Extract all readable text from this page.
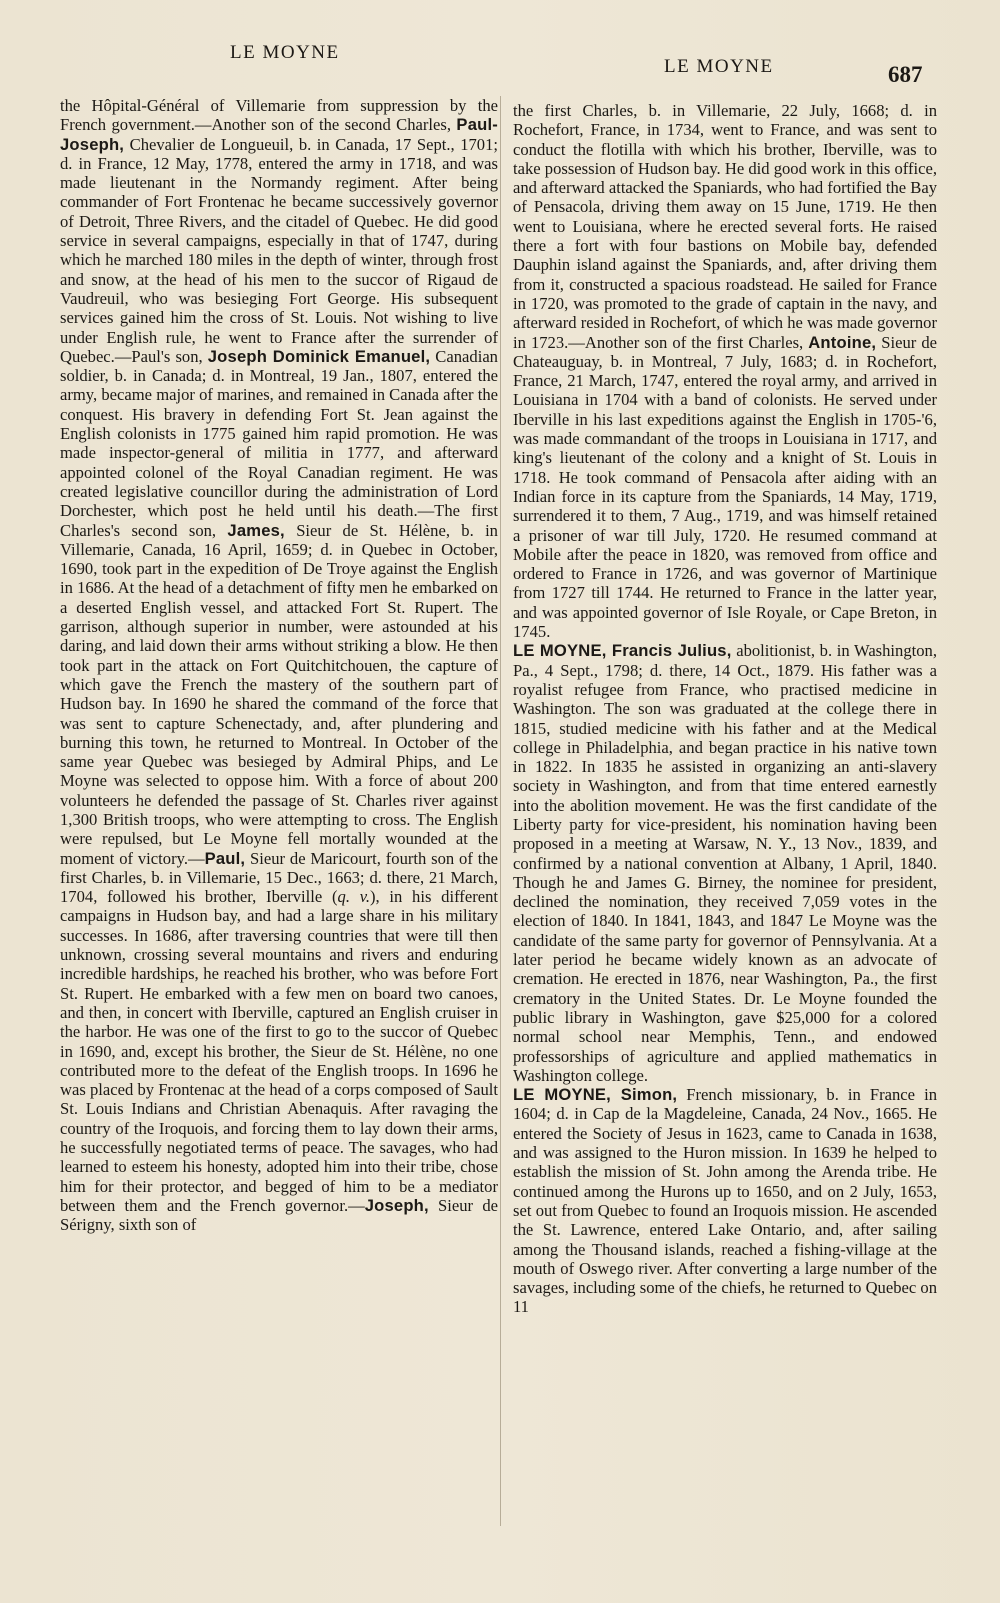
LE MOYNE
LE MOYNE	687

the Hôpital-Général of Villemarie from suppression by the French government.—Another son of the second Charles, Paul-Joseph, Chevalier de Longueuil, b. in Canada, 17 Sept., 1701; d. in France, 12 May, 1778, entered the army in 1718, and was made lieutenant in the Normandy regiment. After being commander of Fort Frontenac he became successively governor of Detroit, Three Rivers, and the citadel of Quebec. He did good service in several campaigns, especially in that of 1747, during which he marched 180 miles in the depth of winter, through frost and snow, at the head of his men to the succor of Rigaud de Vaudreuil, who was besieging Fort George. His subsequent services gained him the cross of St. Louis. Not wishing to live under English rule, he went to France after the surrender of Quebec.—Paul's son, Joseph Dominick Emanuel, Canadian soldier, b. in Canada; d. in Montreal, 19 Jan., 1807, entered the army, became major of marines, and remained in Canada after the conquest. His bravery in defending Fort St. Jean against the English colonists in 1775 gained him rapid promotion. He was made inspector-general of militia in 1777, and afterward appointed colonel of the Royal Canadian regiment. He was created legislative councillor during the administration of Lord Dorchester, which post he held until his death.—The first Charles's second son, James, Sieur de St. Hélène, b. in Villemarie, Canada, 16 April, 1659; d. in Quebec in October, 1690, took part in the expedition of De Troye against the English in 1686. At the head of a detachment of fifty men he embarked on a deserted English vessel, and attacked Fort St. Rupert. The garrison, although superior in number, were astounded at his daring, and laid down their arms without striking a blow. He then took part in the attack on Fort Quitchitchouen, the capture of which gave the French the mastery of the southern part of Hudson bay. In 1690 he shared the command of the force that was sent to capture Schenectady, and, after plundering and burning this town, he returned to Montreal. In October of the same year Quebec was besieged by Admiral Phips, and Le Moyne was selected to oppose him. With a force of about 200 volunteers he defended the passage of St. Charles river against 1,300 British troops, who were attempting to cross. The English were repulsed, but Le Moyne fell mortally wounded at the moment of victory.—Paul, Sieur de Maricourt, fourth son of the first Charles, b. in Villemarie, 15 Dec., 1663; d. there, 21 March, 1704, followed his brother, Iberville (q. v.), in his different campaigns in Hudson bay, and had a large share in his military successes. In 1686, after traversing countries that were till then unknown, crossing several mountains and rivers and enduring incredible hardships, he reached his brother, who was before Fort St. Rupert. He embarked with a few men on board two canoes, and then, in concert with Iberville, captured an English cruiser in the harbor. He was one of the first to go to the succor of Quebec in 1690, and, except his brother, the Sieur de St. Hélène, no one contributed more to the defeat of the English troops. In 1696 he was placed by Frontenac at the head of a corps composed of Sault St. Louis Indians and Christian Abenaquis. After ravaging the country of the Iroquois, and forcing them to lay down their arms, he successfully negotiated terms of peace. The savages, who had learned to esteem his honesty, adopted him into their tribe, chose him for their protector, and begged of him to be a mediator between them and the French governor.—Joseph, Sieur de Sérigny, sixth son of

the first Charles, b. in Villemarie, 22 July, 1668; d. in Rochefort, France, in 1734, went to France, and was sent to conduct the flotilla with which his brother, Iberville, was to take possession of Hudson bay. He did good work in this office, and afterward attacked the Spaniards, who had fortified the Bay of Pensacola, driving them away on 15 June, 1719. He then went to Louisiana, where he erected several forts. He raised there a fort with four bastions on Mobile bay, defended Dauphin island against the Spaniards, and, after driving them from it, constructed a spacious roadstead. He sailed for France in 1720, was promoted to the grade of captain in the navy, and afterward resided in Rochefort, of which he was made governor in 1723.—Another son of the first Charles, Antoine, Sieur de Chateauguay, b. in Montreal, 7 July, 1683; d. in Rochefort, France, 21 March, 1747, entered the royal army, and arrived in Louisiana in 1704 with a band of colonists. He served under Iberville in his last expeditions against the English in 1705-'6, was made commandant of the troops in Louisiana in 1717, and king's lieutenant of the colony and a knight of St. Louis in 1718. He took command of Pensacola after aiding with an Indian force in its capture from the Spaniards, 14 May, 1719, surrendered it to them, 7 Aug., 1719, and was himself retained a prisoner of war till July, 1720. He resumed command at Mobile after the peace in 1820, was removed from office and ordered to France in 1726, and was governor of Martinique from 1727 till 1744. He returned to France in the latter year, and was appointed governor of Isle Royale, or Cape Breton, in 1745.

LE MOYNE, Francis Julius, abolitionist, b. in Washington, Pa., 4 Sept., 1798; d. there, 14 Oct., 1879. His father was a royalist refugee from France, who practised medicine in Washington. The son was graduated at the college there in 1815, studied medicine with his father and at the Medical college in Philadelphia, and began practice in his native town in 1822. In 1835 he assisted in organizing an anti-slavery society in Washington, and from that time entered earnestly into the abolition movement. He was the first candidate of the Liberty party for vice-president, his nomination having been proposed in a meeting at Warsaw, N. Y., 13 Nov., 1839, and confirmed by a national convention at Albany, 1 April, 1840. Though he and James G. Birney, the nominee for president, declined the nomination, they received 7,059 votes in the election of 1840. In 1841, 1843, and 1847 Le Moyne was the candidate of the same party for governor of Pennsylvania. At a later period he became widely known as an advocate of cremation. He erected in 1876, near Washington, Pa., the first crematory in the United States. Dr. Le Moyne founded the public library in Washington, gave $25,000 for a colored normal school near Memphis, Tenn., and endowed professorships of agriculture and applied mathematics in Washington college.

LE MOYNE, Simon, French missionary, b. in France in 1604; d. in Cap de la Magdeleine, Canada, 24 Nov., 1665. He entered the Society of Jesus in 1623, came to Canada in 1638, and was assigned to the Huron mission. In 1639 he helped to establish the mission of St. John among the Arenda tribe. He continued among the Hurons up to 1650, and on 2 July, 1653, set out from Quebec to found an Iroquois mission. He ascended the St. Lawrence, entered Lake Ontario, and, after sailing among the Thousand islands, reached a fishing-village at the mouth of Oswego river. After converting a large number of the savages, including some of the chiefs, he returned to Quebec on 11
